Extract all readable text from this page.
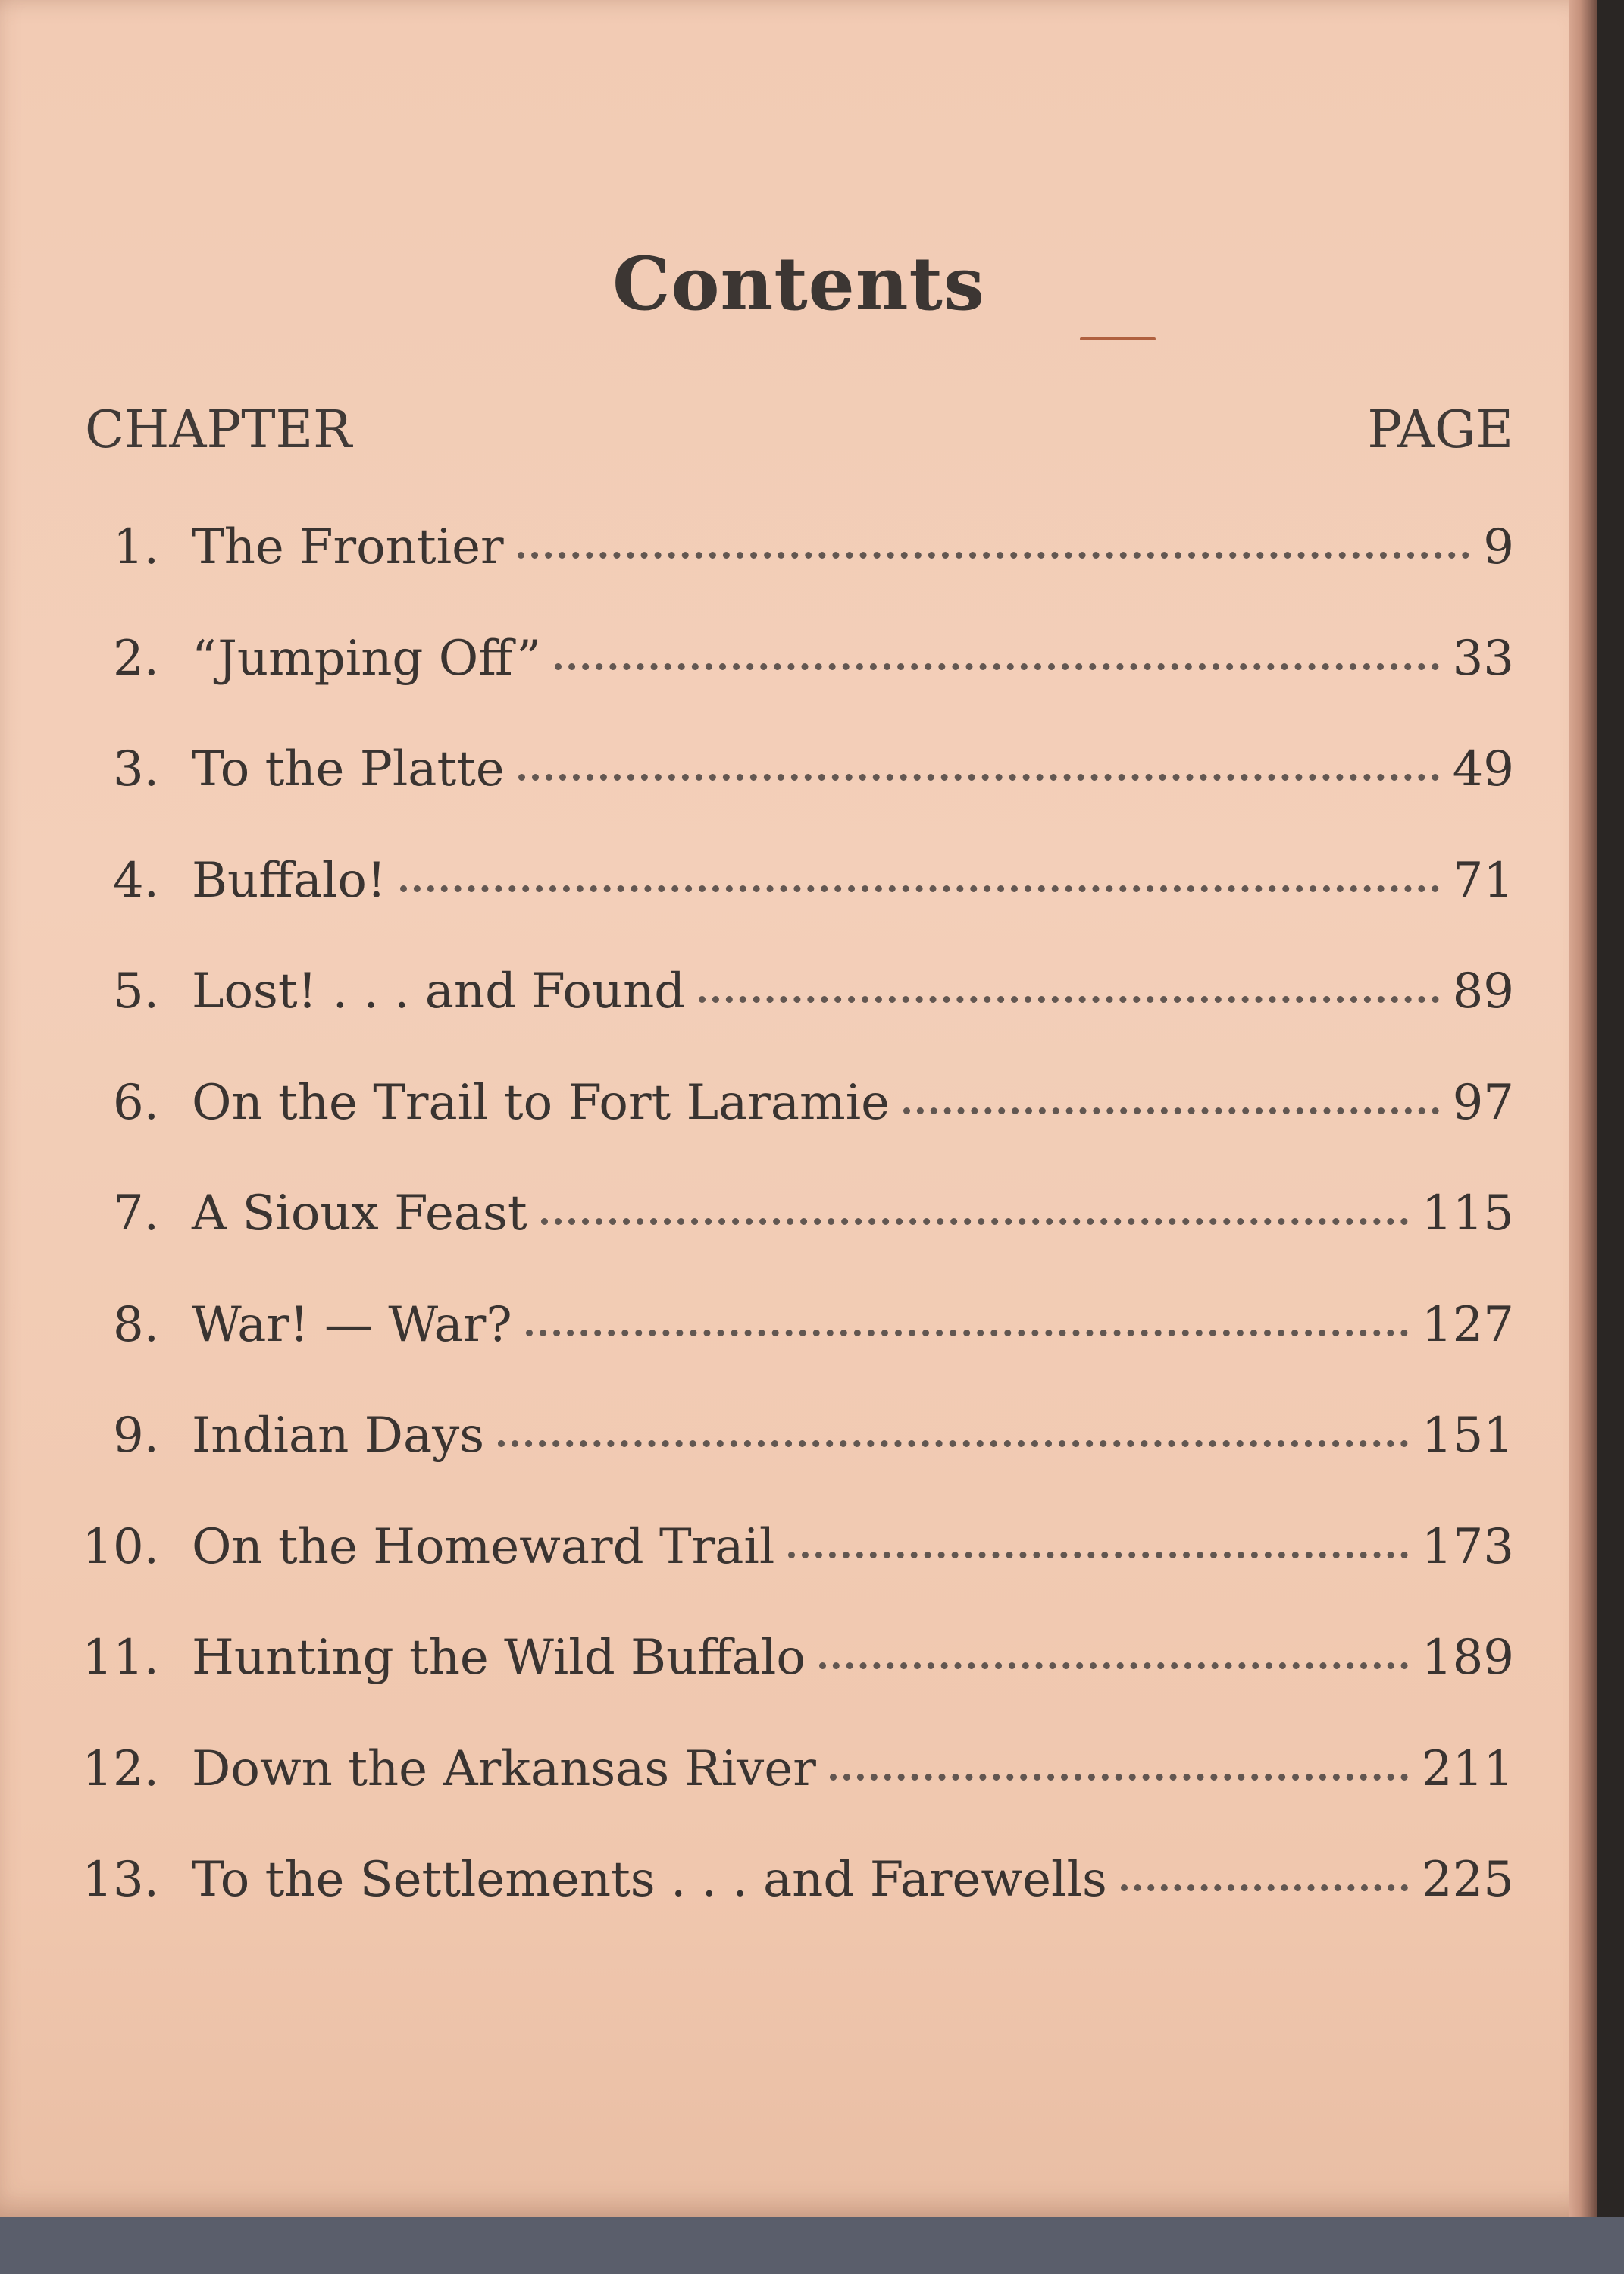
Contents
CHAPTER	PAGE
1. The Frontier	9
2. “Jumping Off”	33
3. To the Platte	49
4. Buffalo!	71
5. Lost! . . . and Found	89
6. On the Trail to Fort Laramie	97
7. A Sioux Feast	115
8. War! — War?	127
9. Indian Days	151
10. On the Homeward Trail	173
11. Hunting the Wild Buffalo	189
12. Down the Arkansas River	211
13. To the Settlements . . . and Farewells	225
